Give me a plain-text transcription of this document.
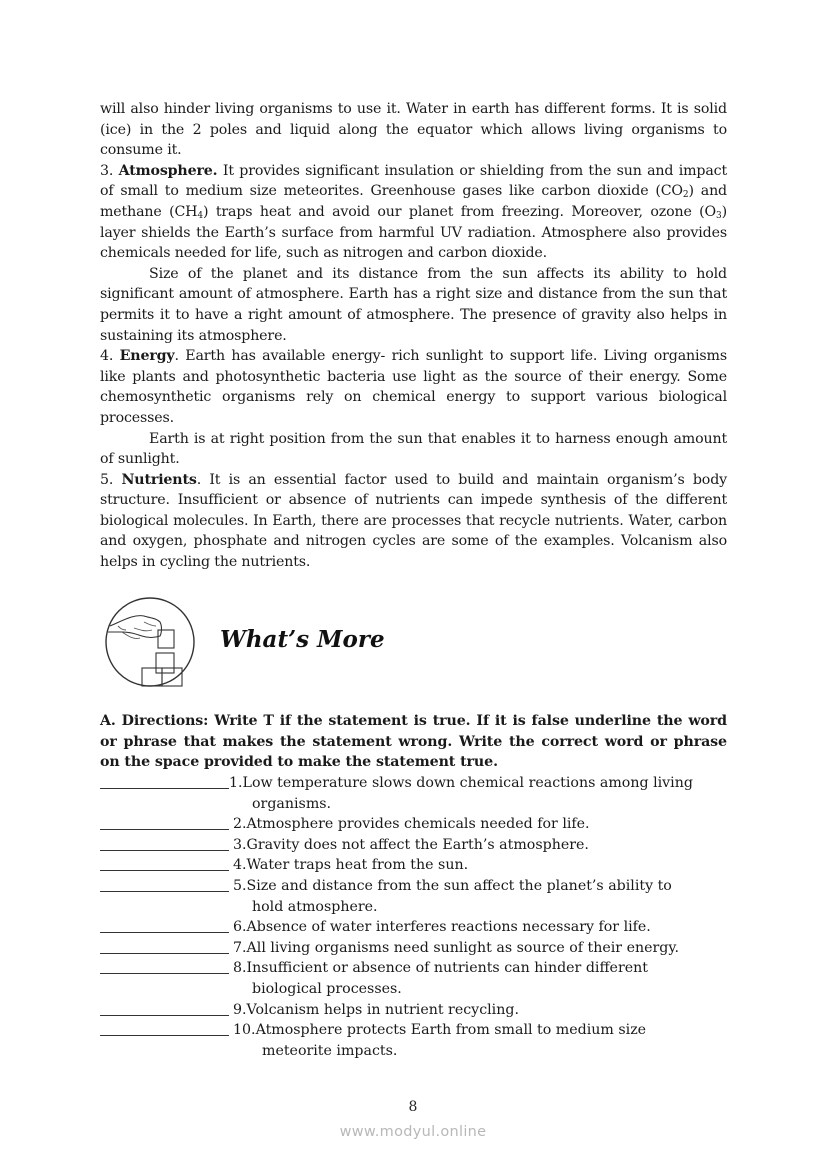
will also hinder living organisms to use it. Water in earth has different forms. It is solid (ice) in the 2 poles and liquid along the equator which allows living organisms to consume it.

3. Atmosphere. It provides significant insulation or shielding from the sun and impact of small to medium size meteorites. Greenhouse gases like carbon dioxide $(CO_2)$ and methane $(CH_4)$ traps heat and avoid our planet from freezing. Moreover, ozone $(O_3)$ layer shields the Earth’s surface from harmful UV radiation. Atmosphere also provides chemicals needed for life, such as nitrogen and carbon dioxide.

Size of the planet and its distance from the sun affects its ability to hold significant amount of atmosphere. Earth has a right size and distance from the sun that permits it to have a right amount of atmosphere. The presence of gravity also helps in sustaining its atmosphere.

4. Energy. Earth has available energy- rich sunlight to support life. Living organisms like plants and photosynthetic bacteria use light as the source of their energy. Some chemosynthetic organisms rely on chemical energy to support various biological processes.

Earth is at right position from the sun that enables it to harness enough amount of sunlight.

5. Nutrients. It is an essential factor used to build and maintain organism’s body structure. Insufficient or absence of nutrients can impede synthesis of the different biological molecules. In Earth, there are processes that recycle nutrients. Water, carbon and oxygen, phosphate and nitrogen cycles are some of the examples. Volcanism also helps in cycling the nutrients.

What’s More

A. Directions: Write T if the statement is true. If it is false underline the word or phrase that makes the statement wrong. Write the correct word or phrase on the space provided to make the statement true.

1. Low temperature slows down chemical reactions among living
organisms.
2. Atmosphere provides chemicals needed for life.
3. Gravity does not affect the Earth’s atmosphere.
4. Water traps heat from the sun.
5. Size and distance from the sun affect the planet’s ability to
hold atmosphere.
6. Absence of water interferes reactions necessary for life.
7. All living organisms need sunlight as source of their energy.
8. Insufficient or absence of nutrients can hinder different
biological processes.
9. Volcanism helps in nutrient recycling.
10. Atmosphere protects Earth from small to medium size
meteorite impacts.
8
www.modyul.online
